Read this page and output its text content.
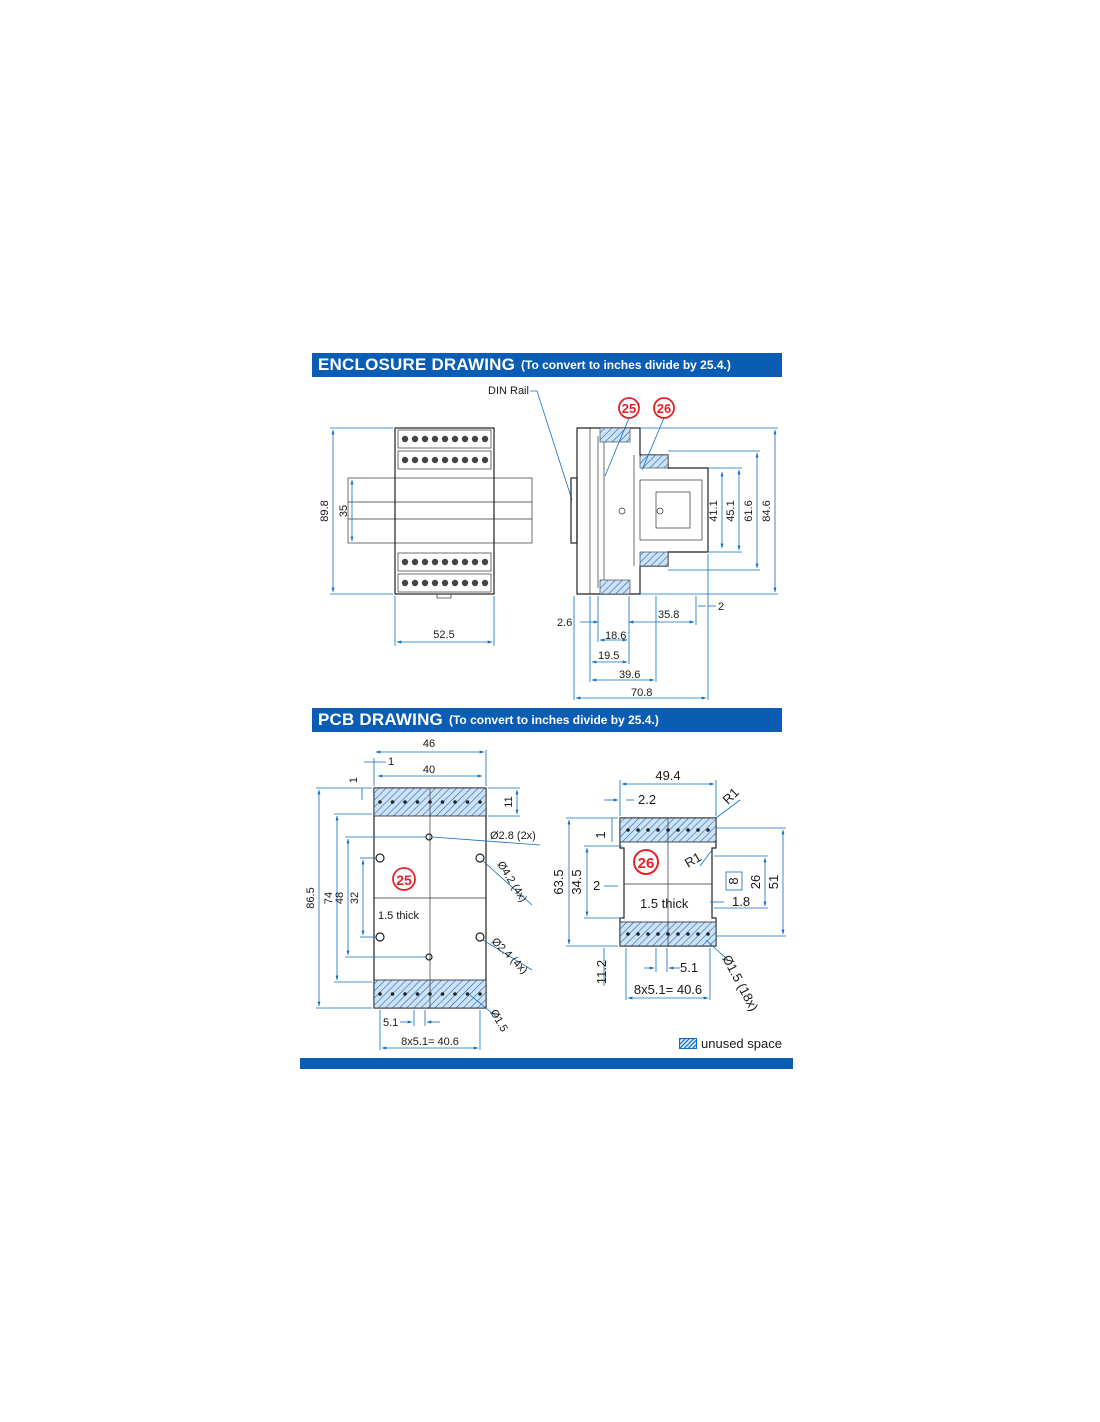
ENCLOSURE DRAWING (To convert to inches divide by 25.4.)
PCB DRAWING (To convert to inches divide by 25.4.)
89.8 35
52.5
DIN Rail
25 26
84.6
61.6
45.1
41.1
2.6
18.6
19.5
39.6
35.8
2
70.8
25
1.5 thick
46
40
1
1
11
86.5 74 48 32
Ø2.8 (2x)
Ø4.2 (4x)
Ø2.4 (4x)
Ø1.5
5.1
8x5.1= 40.6
26
1.5 thick
49.4
2.2	R1
1
63.5 34.5 2
11.2
51
26
8
1.8
R1
5.1
8x5.1= 40.6 Ø1.5 (18x)
unused space
